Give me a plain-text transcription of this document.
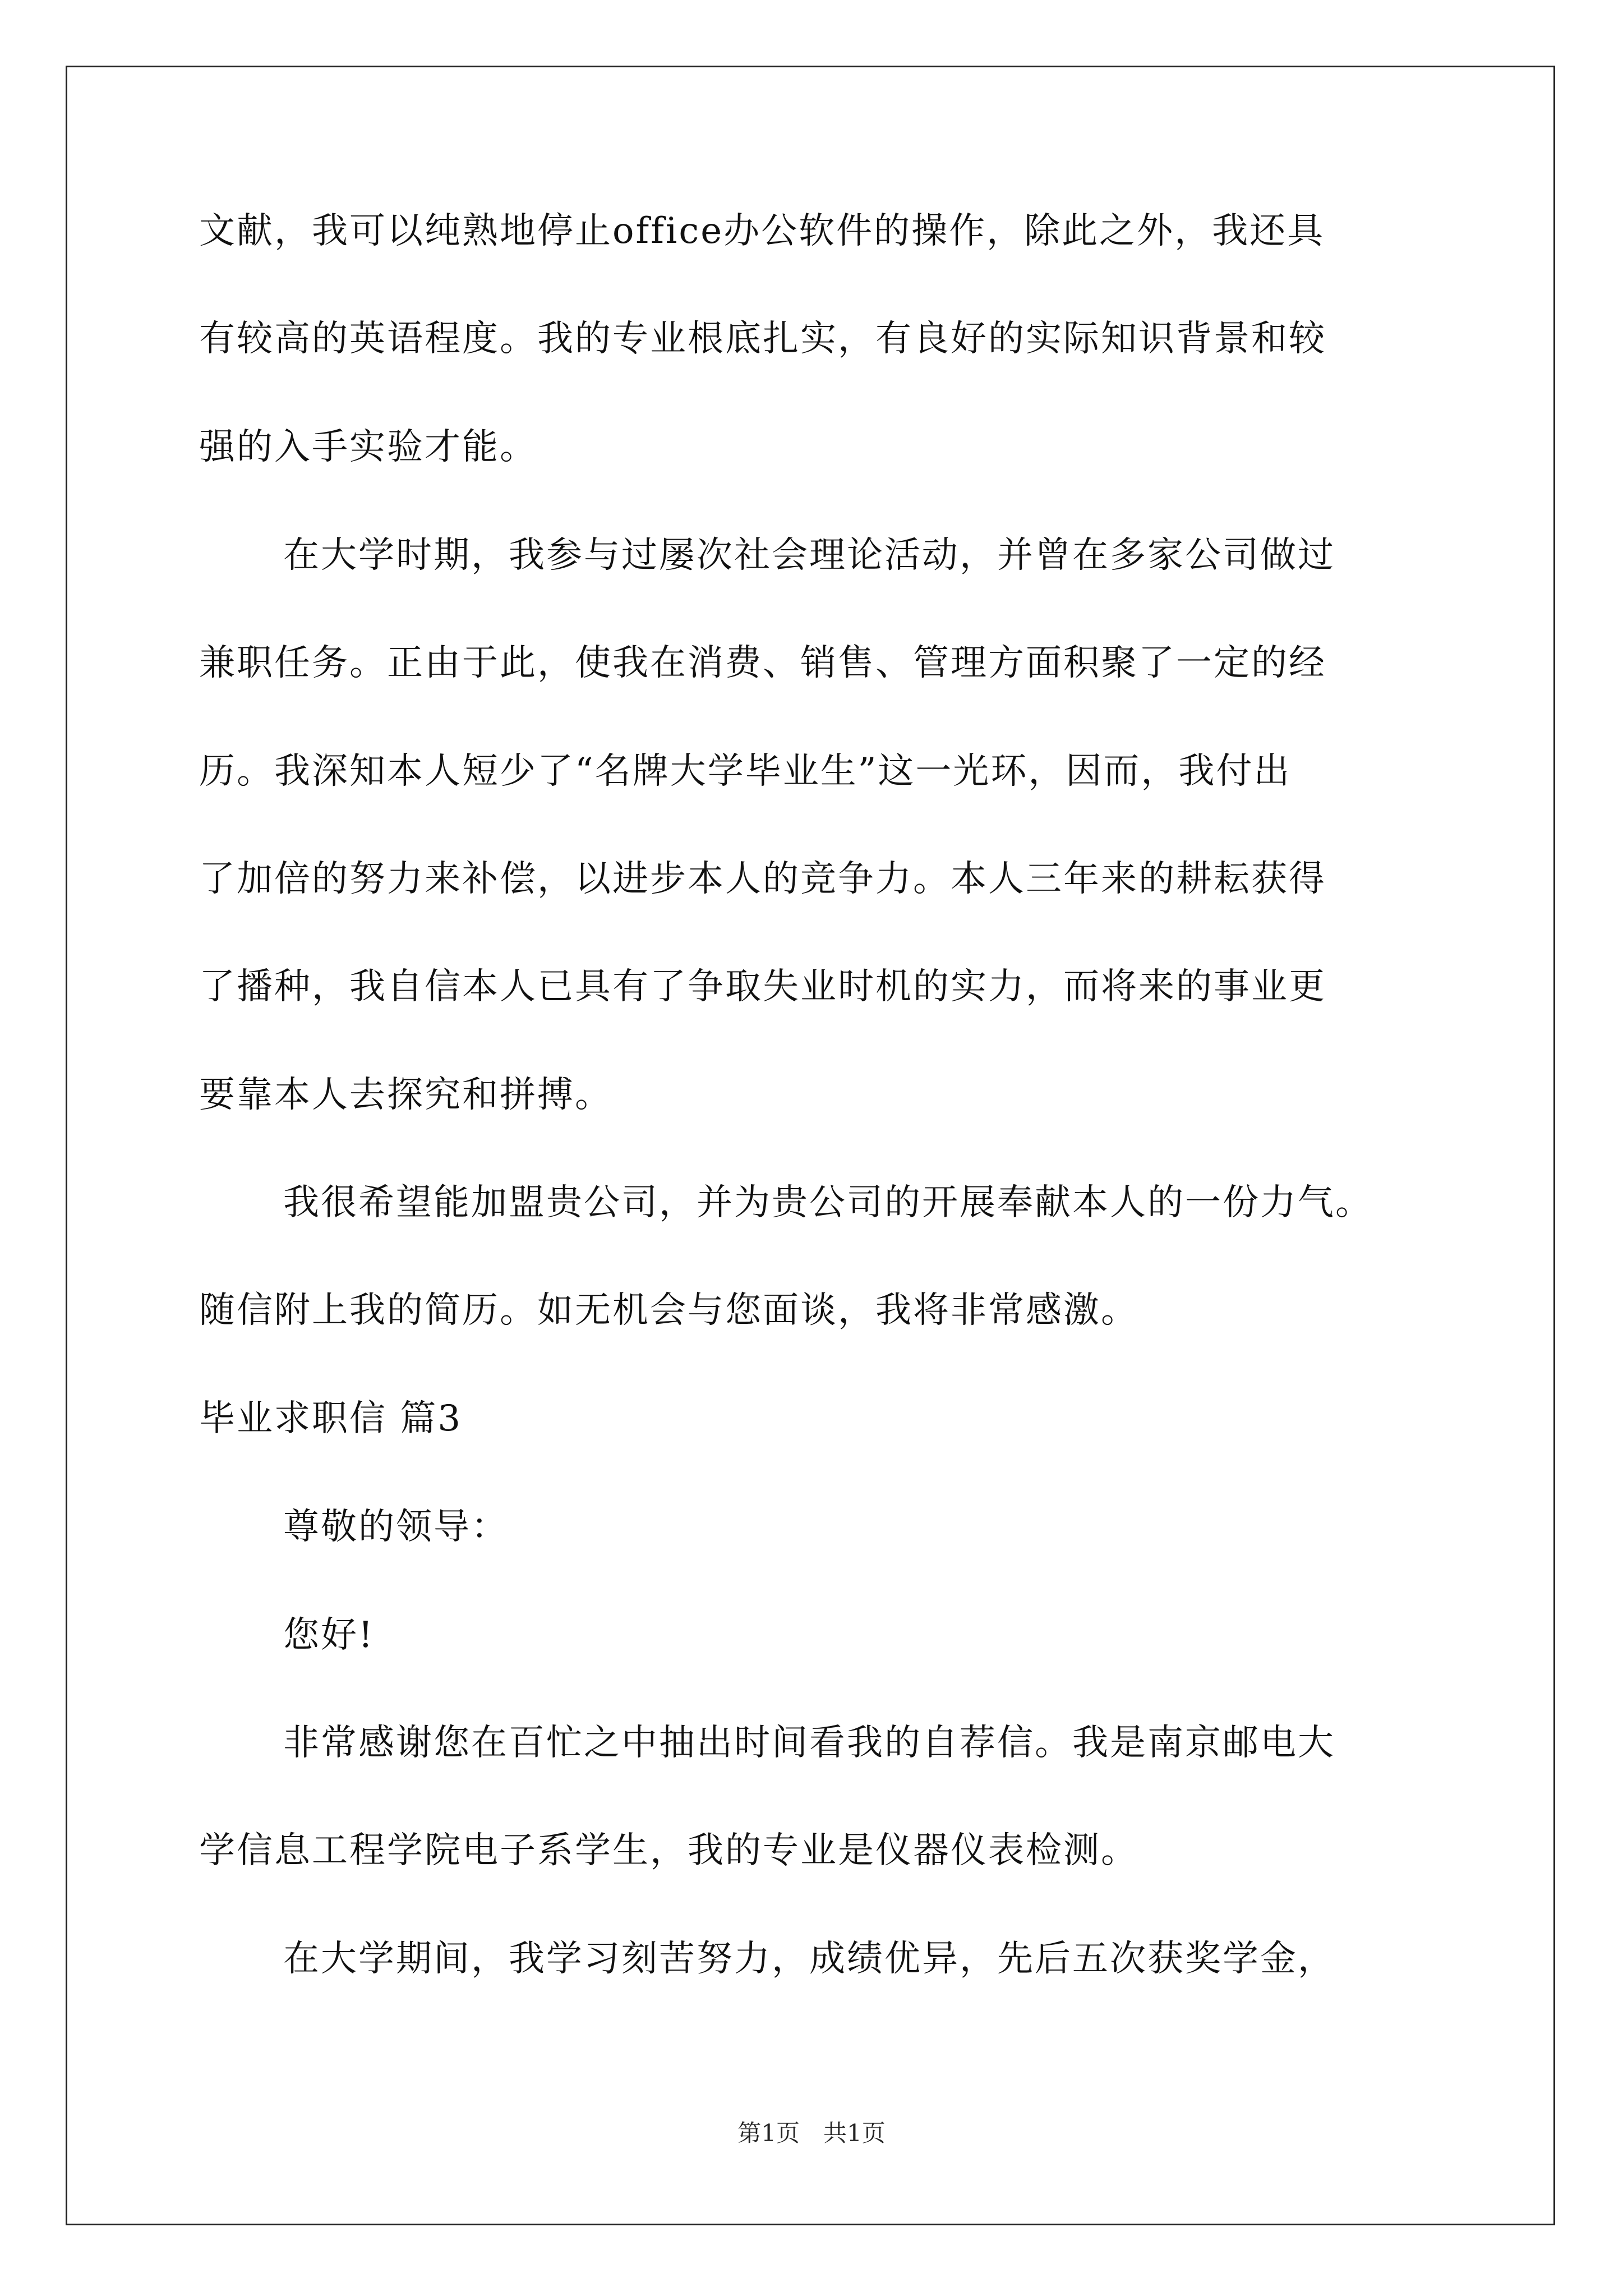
文献，我可以纯熟地停止office办公软件的操作，除此之外，我还具
有较高的英语程度。我的专业根底扎实，有良好的实际知识背景和较
强的入手实验才能。
在大学时期，我参与过屡次社会理论活动，并曾在多家公司做过
兼职任务。正由于此，使我在消费、销售、管理方面积聚了一定的经
历。我深知本人短少了“名牌大学毕业生”这一光环，因而，我付出
了加倍的努力来补偿，以进步本人的竞争力。本人三年来的耕耘获得
了播种，我自信本人已具有了争取失业时机的实力，而将来的事业更
要靠本人去探究和拼搏。
我很希望能加盟贵公司，并为贵公司的开展奉献本人的一份力气。
随信附上我的简历。如无机会与您面谈，我将非常感激。
毕业求职信 篇3
尊敬的领导：
您好!
非常感谢您在百忙之中抽出时间看我的自荐信。我是南京邮电大
学信息工程学院电子系学生，我的专业是仪器仪表检测。
在大学期间，我学习刻苦努力，成绩优异，先后五次获奖学金，
第1页　共1页
